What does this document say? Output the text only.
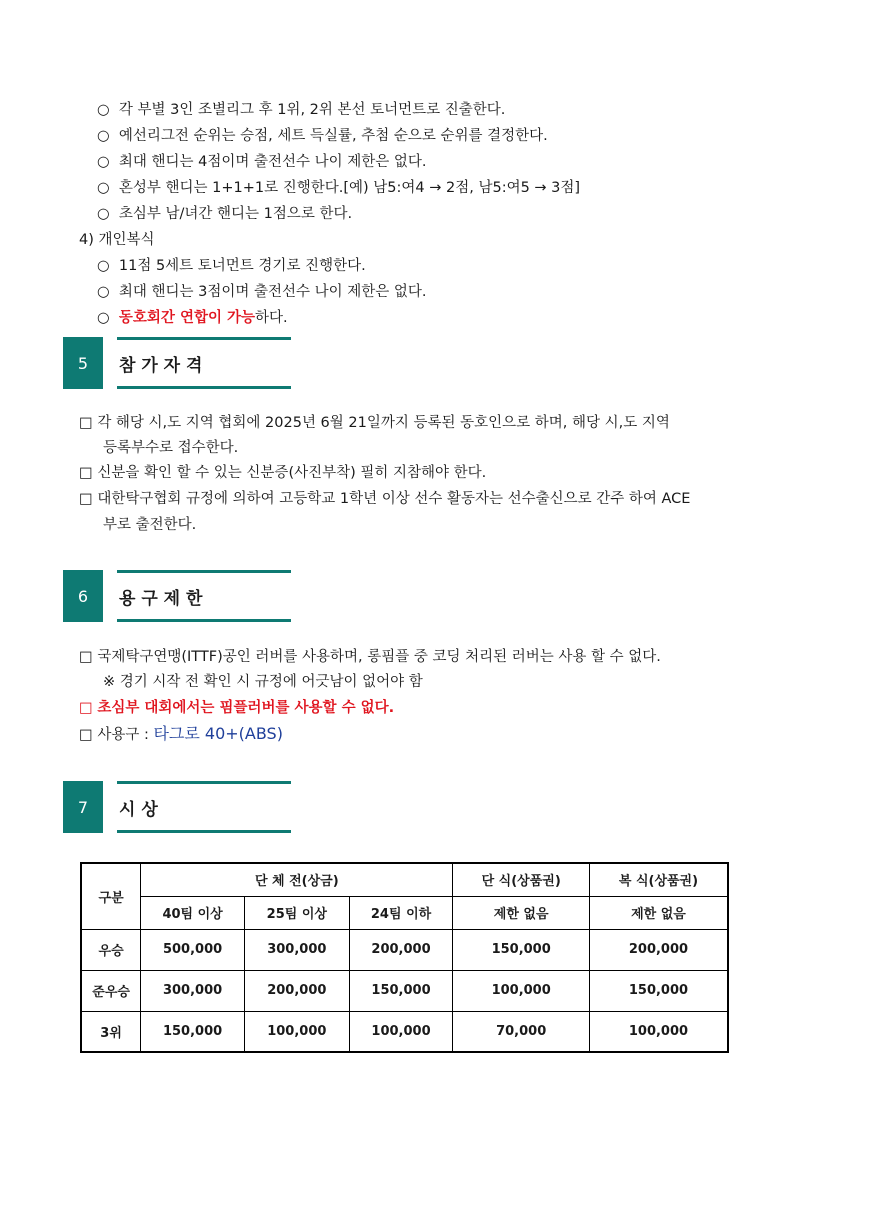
○ 각 부별 3인 조별리그 후 1위, 2위 본선 토너먼트로 진출한다.
○ 예선리그전 순위는 승점, 세트 득실률, 추첨 순으로 순위를 결정한다.
○ 최대 핸디는 4점이며 출전선수 나이 제한은 없다.
○ 혼성부 핸디는 1+1+1로 진행한다.[예) 남5:여4 → 2점, 남5:여5 → 3점]
○ 초심부 남/녀간 핸디는 1점으로 한다.
4) 개인복식
○ 11점 5세트 토너먼트 경기로 진행한다.
○ 최대 핸디는 3점이며 출전선수 나이 제한은 없다.
○ 동호회간 연합이 가능하다.
5	참 가 자 격
□ 각 해당 시,도 지역 협회에 2025년 6월 21일까지 등록된 동호인으로 하며, 해당 시,도 지역
등록부수로 접수한다.
□ 신분을 확인 할 수 있는 신분증(사진부착) 필히 지참해야 한다.
□ 대한탁구협회 규정에 의하여 고등학교 1학년 이상 선수 활동자는 선수출신으로 간주 하여 ACE
부로 출전한다.
6	용 구 제 한
□ 국제탁구연맹(ITTF)공인 러버를 사용하며, 롱핌플 중 코딩 처리된 러버는 사용 할 수 없다.
※ 경기 시작 전 확인 시 규정에 어긋남이 없어야 함
□ 초심부 대회에서는 핌플러버를 사용할 수 없다.
□ 사용구 : 타그로 40+(ABS)
7	시 상
구분	단 체 전(상금)			단 식(상품권)	복 식(상품권)
	40팀 이상	25팀 이상	24팀 이하	제한 없음	제한 없음
우승	500,000	300,000	200,000	150,000	200,000
준우승	300,000	200,000	150,000	100,000	150,000
3위	150,000	100,000	100,000	70,000	100,000
